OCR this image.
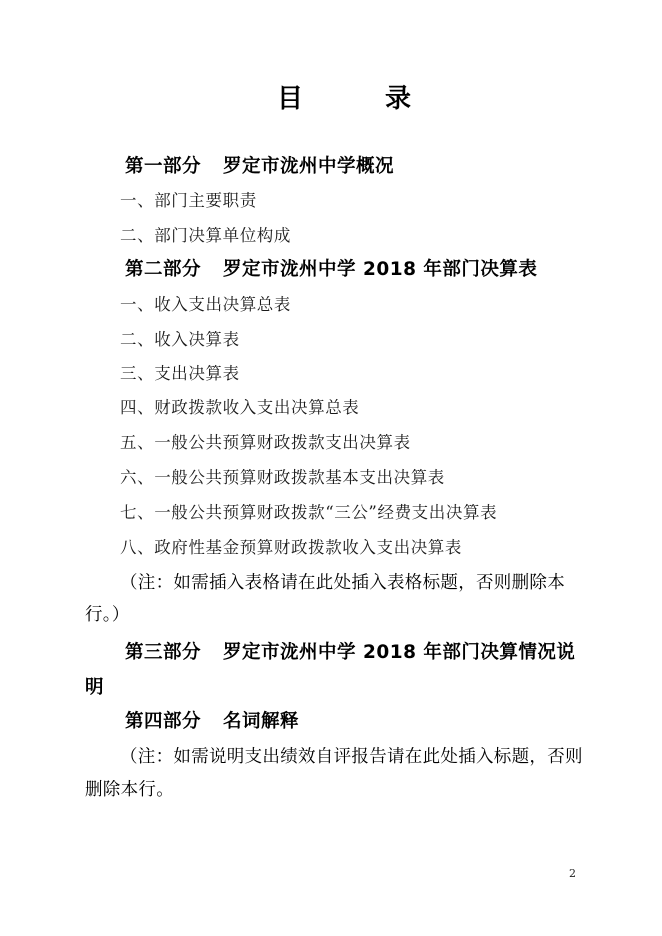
目	录
第一部分 罗定市泷州中学概况
一、部门主要职责
二、部门决算单位构成
第二部分 罗定市泷州中学 2018 年部门决算表
一、收入支出决算总表
二、收入决算表
三、支出决算表
四、财政拨款收入支出决算总表
五、一般公共预算财政拨款支出决算表
六、一般公共预算财政拨款基本支出决算表
七、一般公共预算财政拨款“三公”经费支出决算表
八、政府性基金预算财政拨款收入支出决算表
（注：如需插入表格请在此处插入表格标题，否则删除本
行。）
第三部分 罗定市泷州中学 2018 年部门决算情况说
明
第四部分 名词解释
（注：如需说明支出绩效自评报告请在此处插入标题，否则
删除本行。
2
